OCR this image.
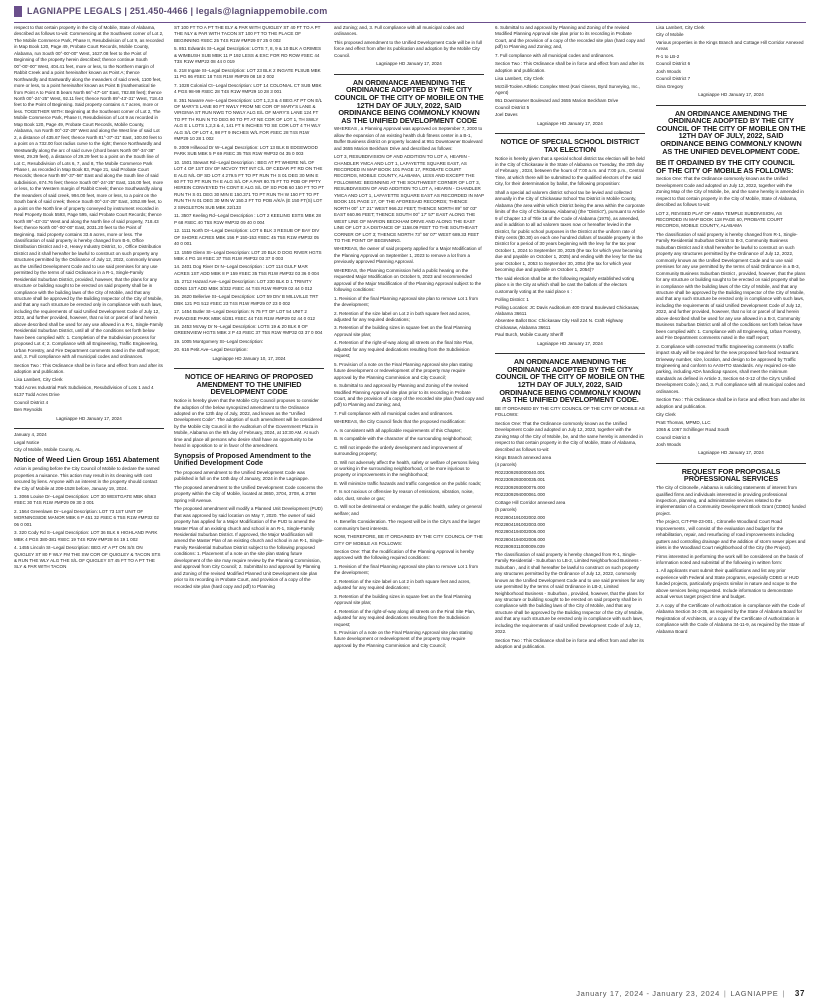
LAGNIAPPE LEGALS | 251.450-4466 | legals@lagniappemobile.com

respect to that certain property in the City of Mobile, State of Alabama, described as follows to-wit: Commencing at the Southwest corner of Lot 2, The Mobile Commerce Park, Phase II, Resubdivision of Lot 9, as recorded in Map Book 120, Page 49, Probate Court Records, Mobile County, Alabama, run South 00°-00'-00" West, 1627.08 feet to the Point of Beginning of the property herein described; thence continue South 00°-00'-00" West, 404.41 feet, more or less, to the Northern margin of Rabbit Creek and a point hereinafter known as Point A; thence Northwardly and Eastwardly along the meanders of said creek, 1100 feet, more or less, to a point hereinafter known as Point B (mathematical tie from Point A to Point B bears North 66°-47'-16" East, 782.88 feet); thence North 00°-24'-25" West, 92.11 feet; thence North 89°-43'-31" West, 718.43 feet to the Point of Beginning. Said property contains 4.7 acres, more or less. TOGETHER WITH: Beginning at the Southeast corner of Lot 2, The Mobile Commerce Park, Phase II, Resubdivision of Lot 9 as recorded in Map Book 120, Page 49, Probate Court Records, Mobile County, Alabama, run North 00°-22'-29" West and along the West line of said Lot 2, a distance of 435.67 feet; thence North 81°-37'-31" East, 100.00 feet to a point on a 732.00 foot radius curve to the right; thence Northwardly and Westwardly along the arc of said curve (chord bears North 09°-34'-38" West, 29.29 feet), a distance of 29.29 feet to a point on the South line of Lot C, Resubdivision of Lots 6, 7, and 8, The Mobile Commerce Park Phase I, as recorded in Map Book 83, Page 21, said Probate Court Records; thence North 89°-37'-56" East and along the South line of said subdivision, 674.76 feet; thence South 00°-24'-25" East, 116.00 feet, more or less, to the Western margin of Rabbit Creek; thence Southwardly along the meanders of said creek, 994.00 feet, more or less, to a point on the South bank of said creek; thence South 00°-24'-25" East, 1052.89 feet, to a point on the North line of property conveyed by instrument recorded in Real Property Book 5593, Page 595, said Probate Court Records; thence North 89°-43'-31" West and along the North line of said property, 718.43 feet; thence North 00°-00'-00" East, 2031.20 feet to the Point of Beginning. Said property contains 33.6 acres, more or less. The classification of said property is hereby changed from B-5, Office Distribution District and I-2, Heavy Industry District, to , Office Distribution District and it shall hereafter be lawful to construct on such property any structures permitted by the Ordinance of July 12, 2022, commonly known as the Unified Development Code and to use said premises for any use permitted by the terms of said Ordinance in a R-1, Single-Family Residential Suburban District, provided, however, that the plans for any structure or building sought to be erected on said property shall be in compliance with the building laws of the City of Mobile, and that any structure shall be approved by the Building Inspector of the City of Mobile, and that any such structure be erected only in compliance with such laws, including the requirements of said Unified Development Code of July 12, 2022, and further provided, however, that no lot or parcel of land herein above described shall be used for any use allowed in a R-1, Single-Family Residential Suburban District, until all of the conditions set forth below have been complied with: 1. Completion of the Subdivision process for proposed Lot 4; 2. Compliance with all Engineering, Traffic Engineering, Urban Forestry, and Fire Department comments noted in the staff report; and, 3. Full compliance with all municipal codes and ordinances.

Section Two : This Ordinance shall be in force and effect from and after its adoption and publication.

Lisa Lambert, City Clerk

Todd Acres Industrial Park Subdivision, Resubdivision of Lots 1 and 4

6137 Todd Acres Drive

Council District 4

Ben Reynolds

Lagniappe HD January 17, 2024

January 4, 2024

Legal Notice

City of Mobile, Mobile County, AL

Notice of Weed Lien Group 1651 Abatement

Action is pending before the City Council of Mobile to declare the named properties a nuisance. This action may result in its cleaning with cost secured by liens. Anyone with an interest in the property should contact the City of Mobile at 208-1528 before, January 19, 2024.

1. 3066 Louise Dr--Legal Description: LOT 30 WESTGATE MBK 6/563 #SEC 30 T4S R1W #MP29 09 30 3 001

2. 1564 Greenlawn Dr--Legal Description: LOT 73 1ST UNIT OF MORNINGSIDE MANOR MBK 6 P 451 32 #SEC 6 T5S R1W #MP32 02 06 0 001

3. 320 Cody Rd S--Legal Description: LOT 36 BLK 6 HIGHLAND PARK MBK 4 PGS 380-381 #SEC 19 T4S R2W #MP28 04 19 1 002

4. 1455 Lincoln St--Legal Description: BEG AT A PT ON S/S ON QUIGLEY ST 80 F WLY FM THE SW COR OF QUIGLEY & TACON STS & RUN THE WLY ALG THE S/L OF QUIGLEY ST 45 FT TO A PT THE SLY & PAR WITH TACON

ST 100 FT TO A PT THE ELY & PAR WITH QUIGLEY ST 40 FT TO A PT THE NLY & PAR WITH TACON ST 100 FT TO THE PLACE OF BEGINNING #SEC 25 T4S R1W #MP29 07 25 0 002

5. 851 Edwards St--Legal Description: LOTS 7, 8, 9 & 10 BLK A GRIMES & WIMBUSH SUB MBK 11 P 192 LESS & EXC FOR RD ROW #SEC 44 T3S R1W #MP22 08 44 0 019

6. 218 Ingate St--Legal Description: LOT 23 BLK 2 INGATE PLSUB MBK 11 PG 86 #SEC 18 T4S R1W #MP29 08 18 2 002

7. 1028 Colonial Ct--Legal Description: LOT 14 COLONIAL CT SUB MBK 4 PGS 98-99 #SEC 28 T4S R1W #MP29 10 28 3 001

8. 351 Navarre Ave--Legal Description: LOT 1,2,3 & 4 BEG AT PT ON E/L OF MARY'S LANE 80 FT NWLY FROM NE COR OF MARY'S LANE & VIRGINIA ST RUN NWG TO NWLY ALG E/L OF MARY'S LANE 124 FT TO PT TH RUN N TO DEG 90 TO PT AT NE COR OF LOT 1, TH SWLY ALG E L LOTS 1,2,3 & 4, 141 FT 6 INCHES TO SE COR LOT 4 TH WLY ALG S/L OF LOT 4, 98 FT 9 INCHES W/L FOR #SEC 28 T4S R1W #MP29 10 28 1 002

9. 2009 Hillwood Dr W--Legal Description: LOT 13 BLK B EDGEWOOD PARK SUB MBK 5 P 69 #SEC 35 T5S R1W #MP32 04 35 0 003

10. 1501 Stewart Rd--Legal Description : BEG AT PT WHERE N/L OF LOT 4 OF 1ST DIV OF MCVOY TRT INT C/L OF CEDAR PT RD ON THE E ALG N/L OF SD LOT 4 279.5 FT TO PT RUN TH S 01 DEG 30 MIN E 60 FT TO PT RUN TH E ALG S/L OF A PAR 80.75 FT TO POB OF PPTY HEREIN CONVEYED TH CONT E ALG S/L OF SD POB 60 150 FT TO PT RUN TH S 01 DEG 30 MIN E 150.371 TO PT RUN TH W 150 FT TO PT RUN TH N 01 DEG 30 MIN W 150.3 FT TO POB A/K/A (E 150 FT(S) LOT 2 SINGLETON SUB MBK 22/133

11. 3507 Keeling Rd--Legal Description : LOT 2 KEELING ESTS MBK 28 P 68 #SEC 40 T5S R1W #MP32 09 40 0 004

12. 1111 North Dr--Legal Description: LOT 6 BLK 3 RESUB OF BAY DIV OF SHORE ACRES MBK 156 P 150-153 #SEC 45 T5S R1W #MP32 05 40 0 001

13. 1559 Glenn St--Legal Description: LOT 20 BLK D DOG RIVER HGTS MBK 4 PG 18 #SEC 37 T5S R1W #MP32 03 37 0 003

14. 2401 Dog River Dr N--Legal Description : LOT 114 GULF MAR ACRES 1ST ADD MBK 8 P 159 #SEC 35 T5S R1W #MP32 03 36 0 004

15. 2712 Hazard Ave--Legal Description: LOT 230 BLK D 1 TRINITY GDNS 1ST ADD MBK 3/332 #SEC 44 T4S R1W #MP29 02 44 0 012

16. 2620 Bellerive St--Legal Description: LOT 59 DIV B MILLVILLE TRT DBK 121 PG 512 #SEC 23 T4S R1W #MP29 07 23 0 002

17. 1454 Butler St--Legal Description: N 75 FT OF LOT 54 UNIT 2 PARADISE PARK MBK 6/281 #SEC 44 T4S R1W #MP29 02 44 0 012

18. 2453 McVay Dr N--Legal Description: LOTS 19 & 20 BLK 8 OF GREENVIEW HGTS MBK 2 P 43 #SEC 37 T5S R1W #MP32 03 37 0 004

19. 1005 Montgomery St--Legal Description:

20. 616 Petit Ave--Legal Description:

Lagniappe HD January 10, 17, 2024

NOTICE OF HEARING OF PROPOSED AMENDMENT TO THE UNIFIED DEVELOPMENT CODE

Notice is hereby given that the Mobile City Council proposes to consider the adoption of the below synopsized amendment to the Ordinance adopted on the 12th day of July, 2022, and known as the "Unified Development Code". The adoption of such amendment will be considered by the Mobile City Council in the Auditorium of the Government Plaza in Mobile, Alabama on the 6th day of February, 2024, at 10:30 AM. At such time and place all persons who desire shall have an opportunity to be heard in opposition to or in favor of the amendment.

Synopsis of Proposed Amendment to the Unified Development Code

The proposed amendment to the Unified Development Code was published in full on the 10th day of January, 2024 in the Lagniappe.

The proposed amendment to the Unified Development Code concerns the property within the City of Mobile, located at 3650, 3704, 3708, & 3758 Spring Hill Avenue.

The proposed amendment will modify a Planned Unit Development (PUD) that was approved by said location on May 7, 2020. The owner of said property has applied for a Major Modification of the PUD to amend the Master Plan of an existing church and school in an R-1, Single-Family Residential Suburban District. If approved, the Major Modification will amend the Master Plan of an existing church and school in an R-1, Single-Family Residential Suburban District subject to the following proposed conditions: 1. Placement of a note on the site plan stating future development of the site may require review by the Planning Commission, and approval from City Council; 2. Submittal to and approval by Planning and Zoning of the revised Modified Planned Unit Development site plan prior to its recording in Probate Court, and provision of a copy of the recorded site plan (hard copy and pdf) to Planning

and Zoning; and, 3. Full compliance with all municipal codes and ordinances.

This proposed amendment to the Unified Development Code will be in full force and effect from after its publication and adoption by the Mobile City Council.

Lagniappe HD January 17, 2024

AN ORDINANCE AMENDING THE ORDINANCE ADOPTED BY THE CITY COUNCIL OF THE CITY OF MOBILE ON THE 12TH DAY OF JULY, 2022, SAID ORDINANCE BEING COMMONLY KNOWN AS THE UNIFIED DEVELOPMENT CODE

WHEREAS , a Planning Approval was approved on September 7, 2000 to allow the expansion of an existing health club fitness center in a B-1, Buffer Business district on property located at 951 Downtowner Boulevard and 3655 Marion Beckham Drive and described as follows:

LOT 3, RESUBDIVISION OF AND ADDITION TO LOT A, HEARIN - CHANDLER YMCA AND LOT 1, LAFAYETTE SQUARE EAST, AS RECORDED IN MAP BOOK 101 PAGE 17, PROBATE COURT RECORDS, MOBILE COUNTY, ALABAMA, LESS AND EXCEPT THE FOLLOWING: BEGINNING AT THE SOUTHWEST CORNER OF LOT 3, RESUBDIVISION OF AND ADDITION TO LOT A, HEARIN - CHANDLER YMCA AND LOT 1, LAFAYETTE SQUARE EAST AS RECORDED IN MAP BOOK 101 PAGE 17, OF THE AFORESAID RECORDS; THENCE NORTH 00° 17' 21" WEST 966.22 FEET; THENCE NORTH 89° 50' 03" EAST 660.96 FEET; THENCE SOUTH 00° 17' 57" EAST ALONG THE WEST LINE OF MARION BECKHAM DRIVE AND ALONG THE EAST LINE OF LOT 3 A DISTANCE OF 1158.09 FEET TO THE SOUTHEAST CORNER OF LOT 3; THENCE NORTH 73° 56' 07" WEST 689.33 FEET TO THE POINT OF BEGINNING.

WHEREAS, the owner of said property applied for a Major Modification of the Planning Approval on September 1, 2023 to remove a lot from a previously approved Planning Approval.

WHEREAS, the Planning Commission held a public hearing on the requested Major Modification on October 5, 2023 and recommended approval of the Major Modification of the Planning Approval subject to the following conditions:

1. Revision of the final Planning Approval site plan to remove Lot 1 from the development;

2. Retention of the size label on Lot 2 in both square feet and acres, adjusted for any required dedications;

3. Retention of the building sizes in square feet on the final Planning Approval site plan;

4. Retention of the right-of-way along all streets on the final Site Plan, adjusted for any required dedications resulting from the Subdivision request;

5. Provision of a note on the Final Planning Approval site plan stating future development or redevelopment of the property may require approval by the Planning Commission and City Council;

6. Submittal to and approval by Planning and Zoning of the revised Modified Planning Approval site plan prior to its recording in Probate Court, and the provision of a copy of the recorded site plan (hard copy and pdf) to Planning and Zoning; and,

7. Full compliance with all municipal codes and ordinances.

WHEREAS, the City Council finds that the proposed modification:

A. Is consistent with all applicable requirements of this Chapter;

B. Is compatible with the character of the surrounding neighborhood;

C. Will not impede the orderly development and improvement of surrounding property;

D. Will not adversely affect the health, safety or welfare of persons living or working in the surrounding neighborhood, or be more injurious to property or improvements in the neighborhood;

E. Will minimize traffic hazards and traffic congestion on the public roads;

F. Is not noxious or offensive by reason of emissions, vibration, noise, odor, dust, smoke or gas;

G. Will not be detrimental or endanger the public health, safety or general welfare; and

H. Benefits Consideration. The request will be in the City's and the larger community's best interests.

NOW, THEREFORE, BE IT ORDAINED BY THE CITY COUNCIL OF THE CITY OF MOBILE AS FOLLOWS:

Section One: That the modification of the Planning Approval is hereby approved with the following required conditions:

1. Revision of the final Planning Approval site plan to remove Lot 1 from the development;

2. Retention of the size label on Lot 2 in both square feet and acres, adjusted for any required dedications;

3. Retention of the building sizes in square feet on the final Planning Approval site plan;

4. Retention of the right-of-way along all streets on the Final Site Plan, adjusted for any required dedications resulting from the Subdivision request;

5. Provision of a note on the Final Planning Approval site plan stating future development or redevelopment of the property may require approval by the Planning Commission and City Council;

6. Submittal to and approval by Planning and Zoning of the revised Modified Planning Approval site plan prior to its recording in Probate Court, and the provision of a copy of the recorded site plan (hard copy and pdf) to Planning and Zoning; and,

7. Full compliance with all municipal codes and ordinances.

Section Two : This Ordinance shall be in force and effect from and after its adoption and publication.

Lisa Lambert, City Clerk

McGill-Toolen Athletic Complex West (Kari Givens, Byrd Surveying, Inc., Agent)

951 Downtowner Boulevard and 3655 Marion Beckham Drive

Council District 5

Joel Daves

Lagniappe HD January 17, 2024

NOTICE OF SPECIAL SCHOOL DISTRICT TAX ELECTION

Notice is hereby given that a special school district tax election will be held in the City of Chickasaw in the State of Alabama on Tuesday, the 20th day of February , 2024, between the hours of 7:00 a.m. and 7:00 p.m., Central Time, at which there will be submitted to the qualified electors of the said City, for their determination by ballot, the following proposition:

Shall a special ad valorem district school tax be levied and collected annually in the City of Chickasaw School Tax District in Mobile County, Alabama (the area within which District being the area within the corporate limits of the City of Chickasaw, Alabama) (the "District"), pursuant to Article 9 of Chapter 13 of Title 16 of the Code of Alabama (1975), as amended, and in addition to all ad valorem taxes now or hereafter levied in the District, for public school purposes in the District at the uniform rate of thirty cents ($0.30) on each one hundred dollars of taxable property in the District for a period of 30 years beginning with the levy for the tax year October 1, 2024 to September 30, 2025 (the tax for which year becoming due and payable on October 1, 2025) and ending with the levy for the tax year October 1, 2053 to September 30, 2054 (the tax for which year becoming due and payable on October 1, 2054)?

The said election shall be at the following regularly established voting place s in the City at which shall be cast the ballots of the electors customarily voting at the said place s :

Polling District: 1

Polling Location: JC Davis Auditorium 400 Grand Boulevard Chickasaw, Alabama 36611

Absentee Ballot Box: Chickasaw City Hall 224 N. Craft Highway Chickasaw, Alabama 36611

Paul Burch, Mobile County Sheriff

Lagniappe HD January 17, 2024

AN ORDINANCE AMENDING THE ORDINANCE ADOPTED BY THE CITY COUNCIL OF THE CITY OF MOBILE ON THE 12TH DAY OF JULY, 2022, SAID ORDINANCE BEING COMMONLY KNOWN AS THE UNIFIED DEVELOPMENT CODE.

BE IT ORDAINED BY THE CITY COUNCIL OF THE CITY OF MOBILE AS FOLLOWS:

Section One: That the Ordinance commonly known as the Unified Development Code and adopted on July 12, 2022, together with the Zoning Map of the City of Mobile, be, and the same hereby is amended in respect to that certain property in the City of Mobile, State of Alabama, described as follows to-wit:

Kings Branch annexed area

(4 parcels)

R022309293000040.001

R022309293000035.001

R022309293000076.000

R022309294000061.000

Cottage Hill Corridor annexed area

(5 parcels)

R022804191002002.000

R022804191002003.000

R022804194002006.000

R022804194002008.000

R022809311000009.039

The classification of said property is hereby changed from R-1, Single-Family Residential - Suburban to LB-2, Limited Neighborhood Business - Suburban , and it shall hereafter be lawful to construct on such property any structures permitted by the Ordinance of July 12, 2022, commonly known as the Unified Development Code and to use said premises for any use permitted by the terms of said Ordinance in LB-2, Limited Neighborhood Business - Suburban , provided, however, that the plans for any structure or building sought to be erected on said property shall be in compliance with the building laws of the City of Mobile, and that any structure shall be approved by the Building Inspector of the City of Mobile, and that any such structure be erected only in compliance with such laws, including the requirements of said Unified Development Code of July 12, 2022.

Section Two : This Ordinance shall be in force and effect from and after its adoption and publication.

Lisa Lambert, City Clerk

City of Mobile

Various properties in the Kings Branch and Cottage Hill Corridor Annexed Areas

R-1 to LB-2

Council District 6

Josh Woods

Council District 7

Gina Gregory

Lagniappe HD January 17, 2024

AN ORDINANCE AMENDING THE ORDINANCE ADOPTED BY THE CITY COUNCIL OF THE CITY OF MOBILE ON THE 12TH DAY OF JULY, 2022, SAID ORDINANCE BEING COMMONLY KNOWN AS THE UNIFIED DEVELOPMENT CODE.
BE IT ORDAINED BY THE CITY COUNCIL OF THE CITY OF MOBILE AS FOLLOWS:

Section One: That the Ordinance commonly known as the Unified Development Code and adopted on July 12, 2022, together with the Zoning Map of the City of Mobile, be, and the same hereby is amended in respect to that certain property in the City of Mobile, State of Alabama, described as follows to-wit:

LOT 2, REVISED PLAT OF ABBA TEMPLE SUBDIVISION, AS RECORDED IN MAP BOOK 118 PAGE 60, PROBATE COURT RECORDS, MOBILE COUNTY, ALABAMA

The classification of said property is hereby changed from R-1, Single-Family Residential Suburban District to B-3, Community Business Suburban District and it shall hereafter be lawful to construct on such property any structures permitted by the Ordinance of July 12, 2022, commonly known as the Unified Development Code and to use said premises for any use permitted by the terms of said Ordinance in a B-3, Community Business Suburban District , provided, however, that the plans for any structure or building sought to be erected on said property shall be in compliance with the building laws of the City of Mobile, and that any structure shall be approved by the Building Inspector of the City of Mobile, and that any such structure be erected only in compliance with such laws, including the requirements of said Unified Development Code of July 12, 2022, and further provided, however, that no lot or parcel of land herein above described shall be used for any use allowed in a B-3, Community Business Suburban District until all of the conditions set forth below have been complied with: 1. Compliance with all Engineering, Urban Forestry, and Fire Department comments noted in the staff report;

2. Compliance with corrected Traffic Engineering comments (A traffic impact study will be required for the new proposed fast-food restaurant. Driveway number, size, location, and design to be approved by Traffic Engineering and conform to AASHTO standards. Any required on-site parking, including ADA handicap spaces, shall meet the minimum standards as defined in Article 3, Section 64-3-12 of the City's Unified Development Code.); and, 3. Full compliance with all municipal codes and ordinances.

Section Two : This Ordinance shall be in force and effect from and after its adoption and publication.

City Clerk

Pratt Thomas, MPMD, LLC

1065 & 1067 Schillinger Road South

Council District 6

Josh Woods

Lagniappe HD January 17, 2024

REQUEST FOR PROPOSALS PROFESSIONAL SERVICES

The City of Citronelle, Alabama is soliciting statements of interest from qualified firms and individuals interested in providing professional inspection, planning, and administrative services related to the implementation of a Community Development Block Grant (CDBG) funded project.

The project, CIT-PW-23-001 , Citronelle Woodland Court Road Improvements , will consist of the evaluation and budget for the rehabilitation, repair, and resurfacing of road improvements including gutters and controlling drainage and the addition of storm sewer pipes and inlets in the Woodland Court neighborhood of the City (the Project).

Firms interested in performing the work will be considered on the basis of information noted and submittal of the following in written form:

1. All applicants must submit their qualifications and list any prior experience with Federal and State programs, especially CDBG or HUD funded projects, particularly projects similar in nature and scope to the above services being requested. Include information to demonstrate actual versus target project time and budget.

2. A copy of the Certificate of Authorization in compliance with the Code of Alabama Section 34-2-35, as required by the State of Alabama Board for Registration of Architects, or a copy of the Certificate of Authorization in compliance with the Code of Alabama 34-11-9, as required by the State of Alabama Board

January 17, 2024 - January 23, 2024 | LAGNIAPPE | 37
